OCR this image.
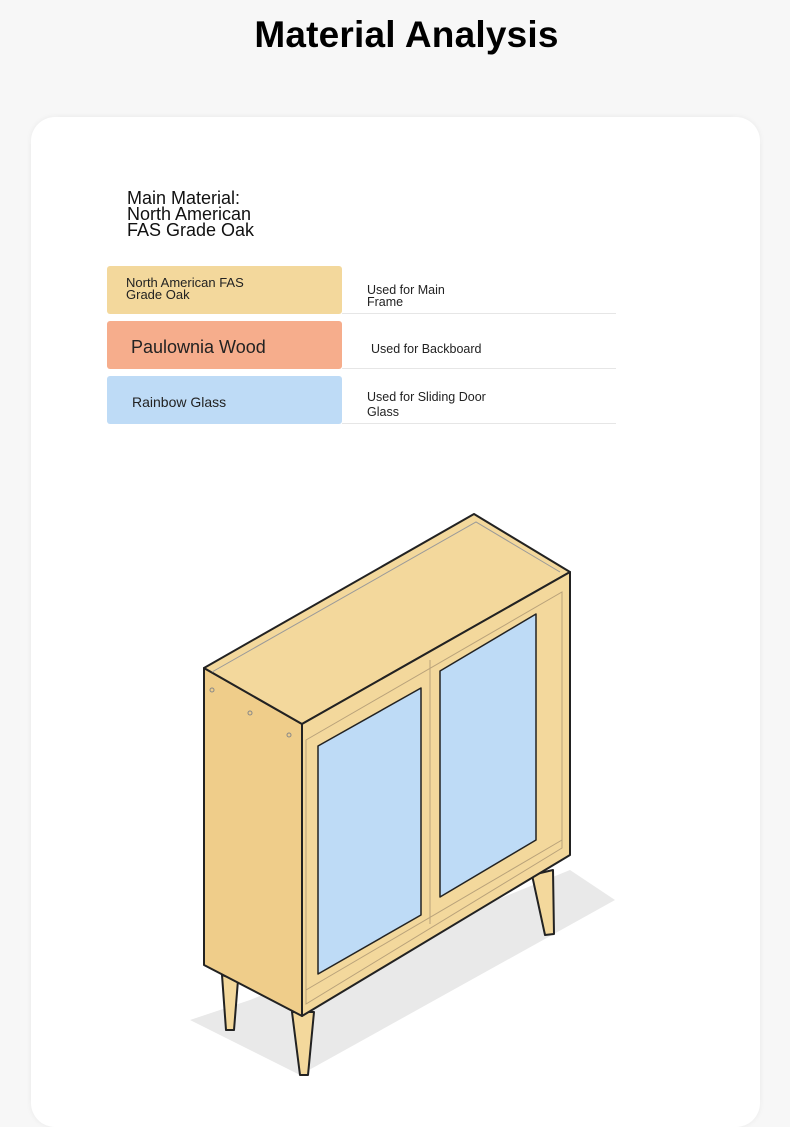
Material Analysis
Main Material:
North American
FAS Grade Oak
North American FAS
Grade Oak	Used for Main
Frame
Paulownia Wood	Used for Backboard
Rainbow Glass	Used for Sliding Door
Glass
